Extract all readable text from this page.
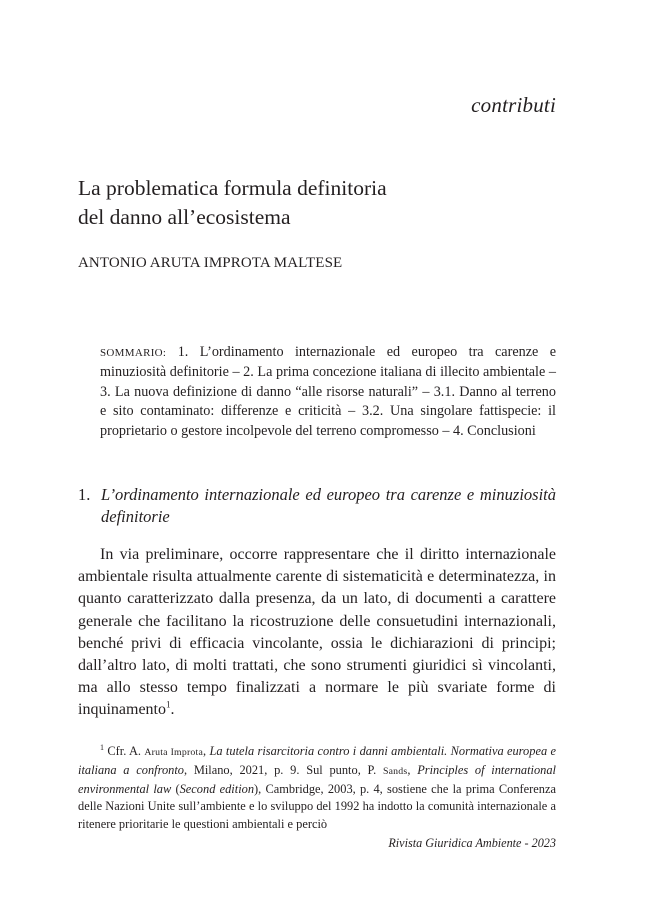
contributi
La problematica formula definitoria
del danno all’ecosistema
ANTONIO ARUTA IMPROTA MALTESE

SOMMARIO: 1. L’ordinamento internazionale ed europeo tra carenze e minuziosità definitorie – 2. La prima concezione italiana di illecito ambientale – 3. La nuova definizione di danno “alle risorse naturali” – 3.1. Danno al terreno e sito contaminato: differenze e criticità – 3.2. Una singolare fattispecie: il proprietario o gestore incolpevole del terreno compromesso – 4. Conclusioni

1. L’ordinamento internazionale ed europeo tra carenze e minuziosità definitorie

In via preliminare, occorre rappresentare che il diritto internazionale ambientale risulta attualmente carente di sistematicità e determinatezza, in quanto caratterizzato dalla presenza, da un lato, di documenti a carattere generale che facilitano la ricostruzione delle consuetudini internazionali, benché privi di efficacia vincolante, ossia le dichiarazioni di principi; dall’altro lato, di molti trattati, che sono strumenti giuridici sì vincolanti, ma allo stesso tempo finalizzati a normare le più svariate forme di inquinamento$^1$.

$^1$ Cfr. A. Aruta Improta, La tutela risarcitoria contro i danni ambientali. Normativa europea e italiana a confronto, Milano, 2021, p. 9. Sul punto, P. Sands, Principles of international environmental law (Second edition), Cambridge, 2003, p. 4, sostiene che la prima Conferenza delle Nazioni Unite sull’ambiente e lo sviluppo del 1992 ha indotto la comunità internazionale a ritenere prioritarie le questioni ambientali e perciò

Rivista Giuridica Ambiente - 2023
